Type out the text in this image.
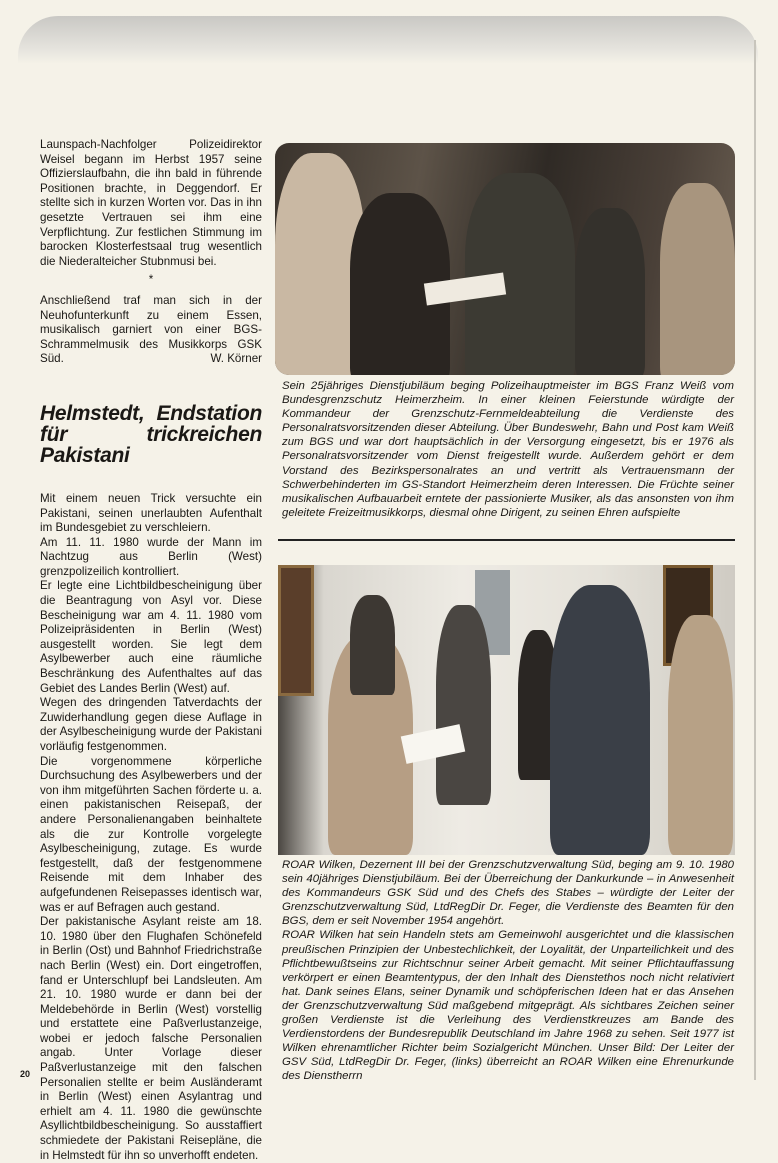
Launspach-Nachfolger Polizeidirektor Weisel begann im Herbst 1957 seine Offizierslaufbahn, die ihn bald in führende Positionen brachte, in Deggendorf. Er stellte sich in kurzen Worten vor. Das in ihn gesetzte Vertrauen sei ihm eine Verpflichtung. Zur festlichen Stimmung im barocken Klosterfestsaal trug wesentlich die Niederalteicher Stubnmusi bei.

*

Anschließend traf man sich in der Neuhofunterkunft zu einem Essen, musikalisch garniert von einer BGS-Schrammelmusik des Musikkorps GSK Süd.	W. Körner

Helmstedt, Endstation für trickreichen Pakistani

Mit einem neuen Trick versuchte ein Pakistani, seinen unerlaubten Aufenthalt im Bundesgebiet zu verschleiern.

Am 11. 11. 1980 wurde der Mann im Nachtzug aus Berlin (West) grenzpolizeilich kontrolliert.

Er legte eine Lichtbildbescheinigung über die Beantragung von Asyl vor. Diese Bescheinigung war am 4. 11. 1980 vom Polizeipräsidenten in Berlin (West) ausgestellt worden. Sie legt dem Asylbewerber auch eine räumliche Beschränkung des Aufenthaltes auf das Gebiet des Landes Berlin (West) auf.

Wegen des dringenden Tatverdachts der Zuwiderhandlung gegen diese Auflage in der Asylbescheinigung wurde der Pakistani vorläufig festgenommen.

Die vorgenommene körperliche Durchsuchung des Asylbewerbers und der von ihm mitgeführten Sachen förderte u. a. einen pakistanischen Reisepaß, der andere Personalienangaben beinhaltete als die zur Kontrolle vorgelegte Asylbescheinigung, zutage. Es wurde festgestellt, daß der festgenommene Reisende mit dem Inhaber des aufgefundenen Reisepasses identisch war, was er auf Befragen auch gestand.

Der pakistanische Asylant reiste am 18. 10. 1980 über den Flughafen Schönefeld in Berlin (Ost) und Bahnhof Friedrichstraße nach Berlin (West) ein. Dort eingetroffen, fand er Unterschlupf bei Landsleuten. Am 21. 10. 1980 wurde er dann bei der Meldebehörde in Berlin (West) vorstellig und erstattete eine Paßverlustanzeige, wobei er jedoch falsche Personalien angab. Unter Vorlage dieser Paßverlustanzeige mit den falschen Personalien stellte er beim Ausländeramt in Berlin (West) einen Asylantrag und erhielt am 4. 11. 1980 die gewünschte Asyllichtbildbescheinigung. So ausstaffiert schmiedete der Pakistani Reisepläne, die in Helmstedt für ihn so unverhofft endeten.

20

Sein 25jähriges Dienstjubiläum beging Polizeihauptmeister im BGS Franz Weiß vom Bundesgrenzschutz Heimerzheim. In einer kleinen Feierstunde würdigte der Kommandeur der Grenzschutz-Fernmeldeabteilung die Verdienste des Personalratsvorsitzenden dieser Abteilung. Über Bundeswehr, Bahn und Post kam Weiß zum BGS und war dort hauptsächlich in der Versorgung eingesetzt, bis er 1976 als Personalratsvorsitzender vom Dienst freigestellt wurde. Außerdem gehört er dem Vorstand des Bezirkspersonalrates an und vertritt als Vertrauensmann der Schwerbehinderten im GS-Standort Heimerzheim deren Interessen. Die Früchte seiner musikalischen Aufbauarbeit erntete der passionierte Musiker, als das ansonsten von ihm geleitete Freizeitmusikkorps, diesmal ohne Dirigent, zu seinen Ehren aufspielte

ROAR Wilken, Dezernent III bei der Grenzschutzverwaltung Süd, beging am 9. 10. 1980 sein 40jähriges Dienstjubiläum. Bei der Überreichung der Dankurkunde – in Anwesenheit des Kommandeurs GSK Süd und des Chefs des Stabes – würdigte der Leiter der Grenzschutzverwaltung Süd, LtdRegDir Dr. Feger, die Verdienste des Beamten für den BGS, dem er seit November 1954 angehört.

ROAR Wilken hat sein Handeln stets am Gemeinwohl ausgerichtet und die klassischen preußischen Prinzipien der Unbestechlichkeit, der Loyalität, der Unparteilichkeit und des Pflichtbewußtseins zur Richtschnur seiner Arbeit gemacht. Mit seiner Pflichtauffassung verkörpert er einen Beamtentypus, der den Inhalt des Dienstethos noch nicht relativiert hat. Dank seines Elans, seiner Dynamik und schöpferischen Ideen hat er das Ansehen der Grenzschutzverwaltung Süd maßgebend mitgeprägt. Als sichtbares Zeichen seiner großen Verdienste ist die Verleihung des Verdienstkreuzes am Bande des Verdienstordens der Bundesrepublik Deutschland im Jahre 1968 zu sehen. Seit 1977 ist Wilken ehrenamtlicher Richter beim Sozialgericht München. Unser Bild: Der Leiter der GSV Süd, LtdRegDir Dr. Feger, (links) überreicht an ROAR Wilken eine Ehrenurkunde des Dienstherrn
